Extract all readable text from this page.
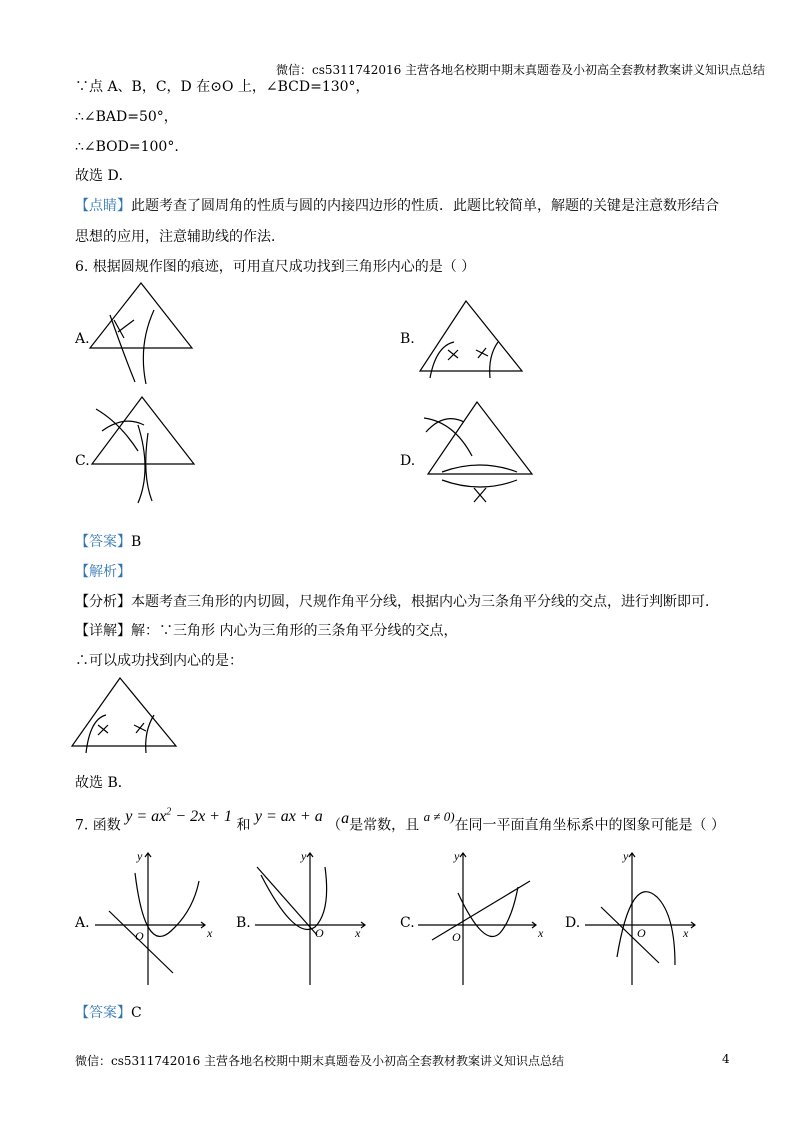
微信：cs5311742016 主营各地名校期中期末真题卷及小初高全套教材教案讲义知识点总结
∵点 A、B，C，D 在⊙O 上，∠BCD=130°，
∴∠BAD=50°，
∴∠BOD=100°.
故选 D．
【点睛】此题考查了圆周角的性质与圆的内接四边形的性质．此题比较简单，解题的关键是注意数形结合
思想的应用，注意辅助线的作法．
6. 根据圆规作图的痕迹，可用直尺成功找到三角形内心的是（ ）
A.	B.
C.	D.
【答案】B
【解析】
【分析】本题考查三角形的内切圆，尺规作角平分线，根据内心为三条角平分线的交点，进行判断即可．
【详解】解：∵三角形 内心为三角形的三条角平分线的交点，
∴可以成功找到内心的是：
故选 B．
7. 函数 $y = ax^2 - 2x + 1$ 和 y = ax + a （a是常数，且 a ≠ 0)在同一平面直角坐标系中的图象可能是（ ）
A.
y
x
O
B.
y
x
O
C.
y
x
O
D.
y
x
O
【答案】C
微信：cs5311742016 主营各地名校期中期末真题卷及小初高全套教材教案讲义知识点总结	4
